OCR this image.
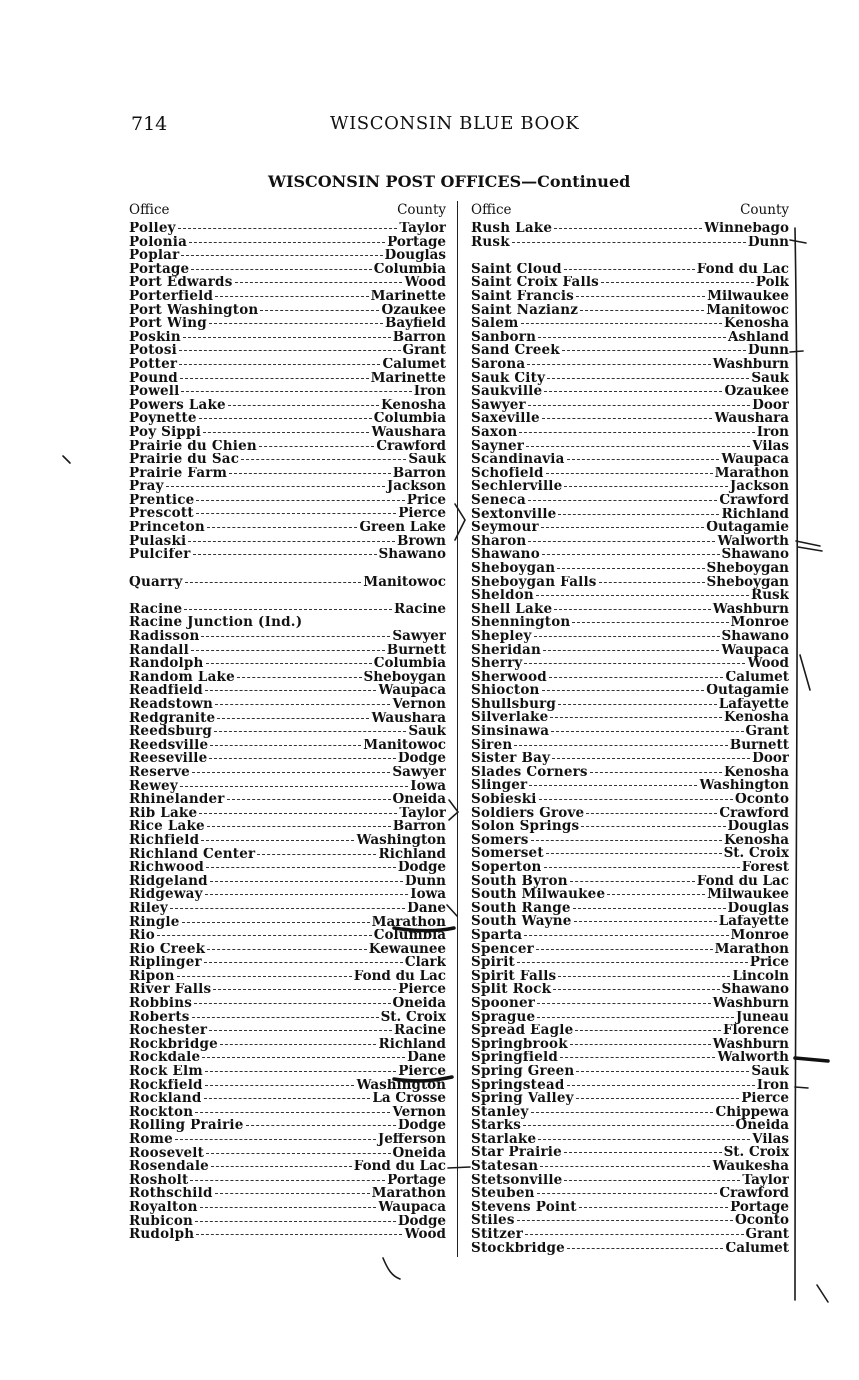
714	WISCONSIN BLUE BOOK
WISCONSIN POST OFFICES—Continued
Office	County
Polley	Taylor
Polonia	Portage
Poplar	Douglas
Portage	Columbia
Port Edwards	Wood
Porterfield	Marinette
Port Washington	Ozaukee
Port Wing	Bayfield
Poskin	Barron
Potosi	Grant
Potter	Calumet
Pound	Marinette
Powell	Iron
Powers Lake	Kenosha
Poynette	Columbia
Poy Sippi	Waushara
Prairie du Chien	Crawford
Prairie du Sac	Sauk
Prairie Farm	Barron
Pray	Jackson
Prentice	Price
Prescott	Pierce
Princeton	Green Lake
Pulaski	Brown
Pulcifer	Shawano
Quarry	Manitowoc
Racine	Racine
Racine Junction (Ind.)
Radisson	Sawyer
Randall	Burnett
Randolph	Columbia
Random Lake	Sheboygan
Readfield	Waupaca
Readstown	Vernon
Redgranite	Waushara
Reedsburg	Sauk
Reedsville	Manitowoc
Reeseville	Dodge
Reserve	Sawyer
Rewey	Iowa
Rhinelander	Oneida
Rib Lake	Taylor
Rice Lake	Barron
Richfield	Washington
Richland Center	Richland
Richwood	Dodge
Ridgeland	Dunn
Ridgeway	Iowa
Riley	Dane
Ringle	Marathon
Rio	Columbia
Rio Creek	Kewaunee
Riplinger	Clark
Ripon	Fond du Lac
River Falls	Pierce
Robbins	Oneida
Roberts	St. Croix
Rochester	Racine
Rockbridge	Richland
Rockdale	Dane
Rock Elm	Pierce
Rockfield	Washington
Rockland	La Crosse
Rockton	Vernon
Rolling Prairie	Dodge
Rome	Jefferson
Roosevelt	Oneida
Rosendale	Fond du Lac
Rosholt	Portage
Rothschild	Marathon
Royalton	Waupaca
Rubicon	Dodge
Rudolph	Wood
Office	County
Rush Lake	Winnebago
Rusk	Dunn
Saint Cloud	Fond du Lac
Saint Croix Falls	Polk
Saint Francis	Milwaukee
Saint Nazianz	Manitowoc
Salem	Kenosha
Sanborn	Ashland
Sand Creek	Dunn
Sarona	Washburn
Sauk City	Sauk
Saukville	Ozaukee
Sawyer	Door
Saxeville	Waushara
Saxon	Iron
Sayner	Vilas
Scandinavia	Waupaca
Schofield	Marathon
Sechlerville	Jackson
Seneca	Crawford
Sextonville	Richland
Seymour	Outagamie
Sharon	Walworth
Shawano	Shawano
Sheboygan	Sheboygan
Sheboygan Falls	Sheboygan
Sheldon	Rusk
Shell Lake	Washburn
Shennington	Monroe
Shepley	Shawano
Sheridan	Waupaca
Sherry	Wood
Sherwood	Calumet
Shiocton	Outagamie
Shullsburg	Lafayette
Silverlake	Kenosha
Sinsinawa	Grant
Siren	Burnett
Sister Bay	Door
Slades Corners	Kenosha
Slinger	Washington
Sobieski	Oconto
Soldiers Grove	Crawford
Solon Springs	Douglas
Somers	Kenosha
Somerset	St. Croix
Soperton	Forest
South Byron	Fond du Lac
South Milwaukee	Milwaukee
South Range	Douglas
South Wayne	Lafayette
Sparta	Monroe
Spencer	Marathon
Spirit	Price
Spirit Falls	Lincoln
Split Rock	Shawano
Spooner	Washburn
Sprague	Juneau
Spread Eagle	Florence
Springbrook	Washburn
Springfield	Walworth
Spring Green	Sauk
Springstead	Iron
Spring Valley	Pierce
Stanley	Chippewa
Starks	Oneida
Starlake	Vilas
Star Prairie	St. Croix
Statesan	Waukesha
Stetsonville	Taylor
Steuben	Crawford
Stevens Point	Portage
Stiles	Oconto
Stitzer	Grant
Stockbridge	Calumet
